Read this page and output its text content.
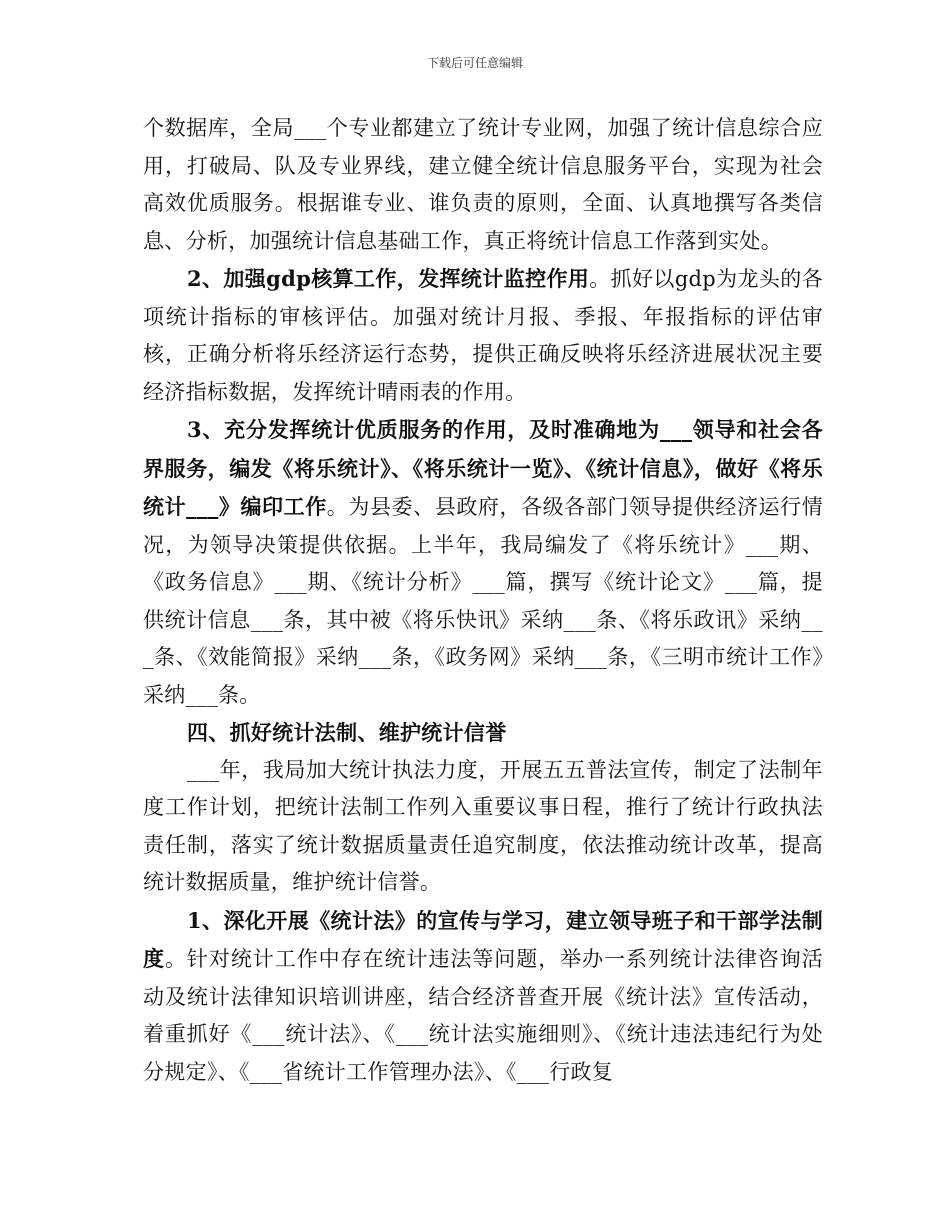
下载后可任意编辑

个数据库，全局___个专业都建立了统计专业网，加强了统计信息综合应用，打破局、队及专业界线，建立健全统计信息服务平台，实现为社会高效优质服务。根据谁专业、谁负责的原则，全面、认真地撰写各类信息、分析，加强统计信息基础工作，真正将统计信息工作落到实处。

2、加强gdp核算工作，发挥统计监控作用。抓好以gdp为龙头的各项统计指标的审核评估。加强对统计月报、季报、年报指标的评估审核，正确分析将乐经济运行态势，提供正确反映将乐经济进展状况主要经济指标数据，发挥统计晴雨表的作用。

3、充分发挥统计优质服务的作用，及时准确地为___领导和社会各界服务，编发《将乐统计》、《将乐统计一览》、《统计信息》，做好《将乐统计___》编印工作。为县委、县政府，各级各部门领导提供经济运行情况，为领导决策提供依据。上半年，我局编发了《将乐统计》___期、《政务信息》___期、《统计分析》___篇，撰写《统计论文》___篇，提供统计信息___条，其中被《将乐快讯》采纳___条、《将乐政讯》采纳___条、《效能简报》采纳___条，《政务网》采纳___条，《三明市统计工作》采纳___条。

四、抓好统计法制、维护统计信誉

___年，我局加大统计执法力度，开展五五普法宣传，制定了法制年度工作计划，把统计法制工作列入重要议事日程，推行了统计行政执法责任制，落实了统计数据质量责任追究制度，依法推动统计改革，提高统计数据质量，维护统计信誉。

1、深化开展《统计法》的宣传与学习，建立领导班子和干部学法制度。针对统计工作中存在统计违法等问题，举办一系列统计法律咨询活动及统计法律知识培训讲座，结合经济普查开展《统计法》宣传活动，着重抓好《___统计法》、《___统计法实施细则》、《统计违法违纪行为处分规定》、《___省统计工作管理办法》、《___行政复
